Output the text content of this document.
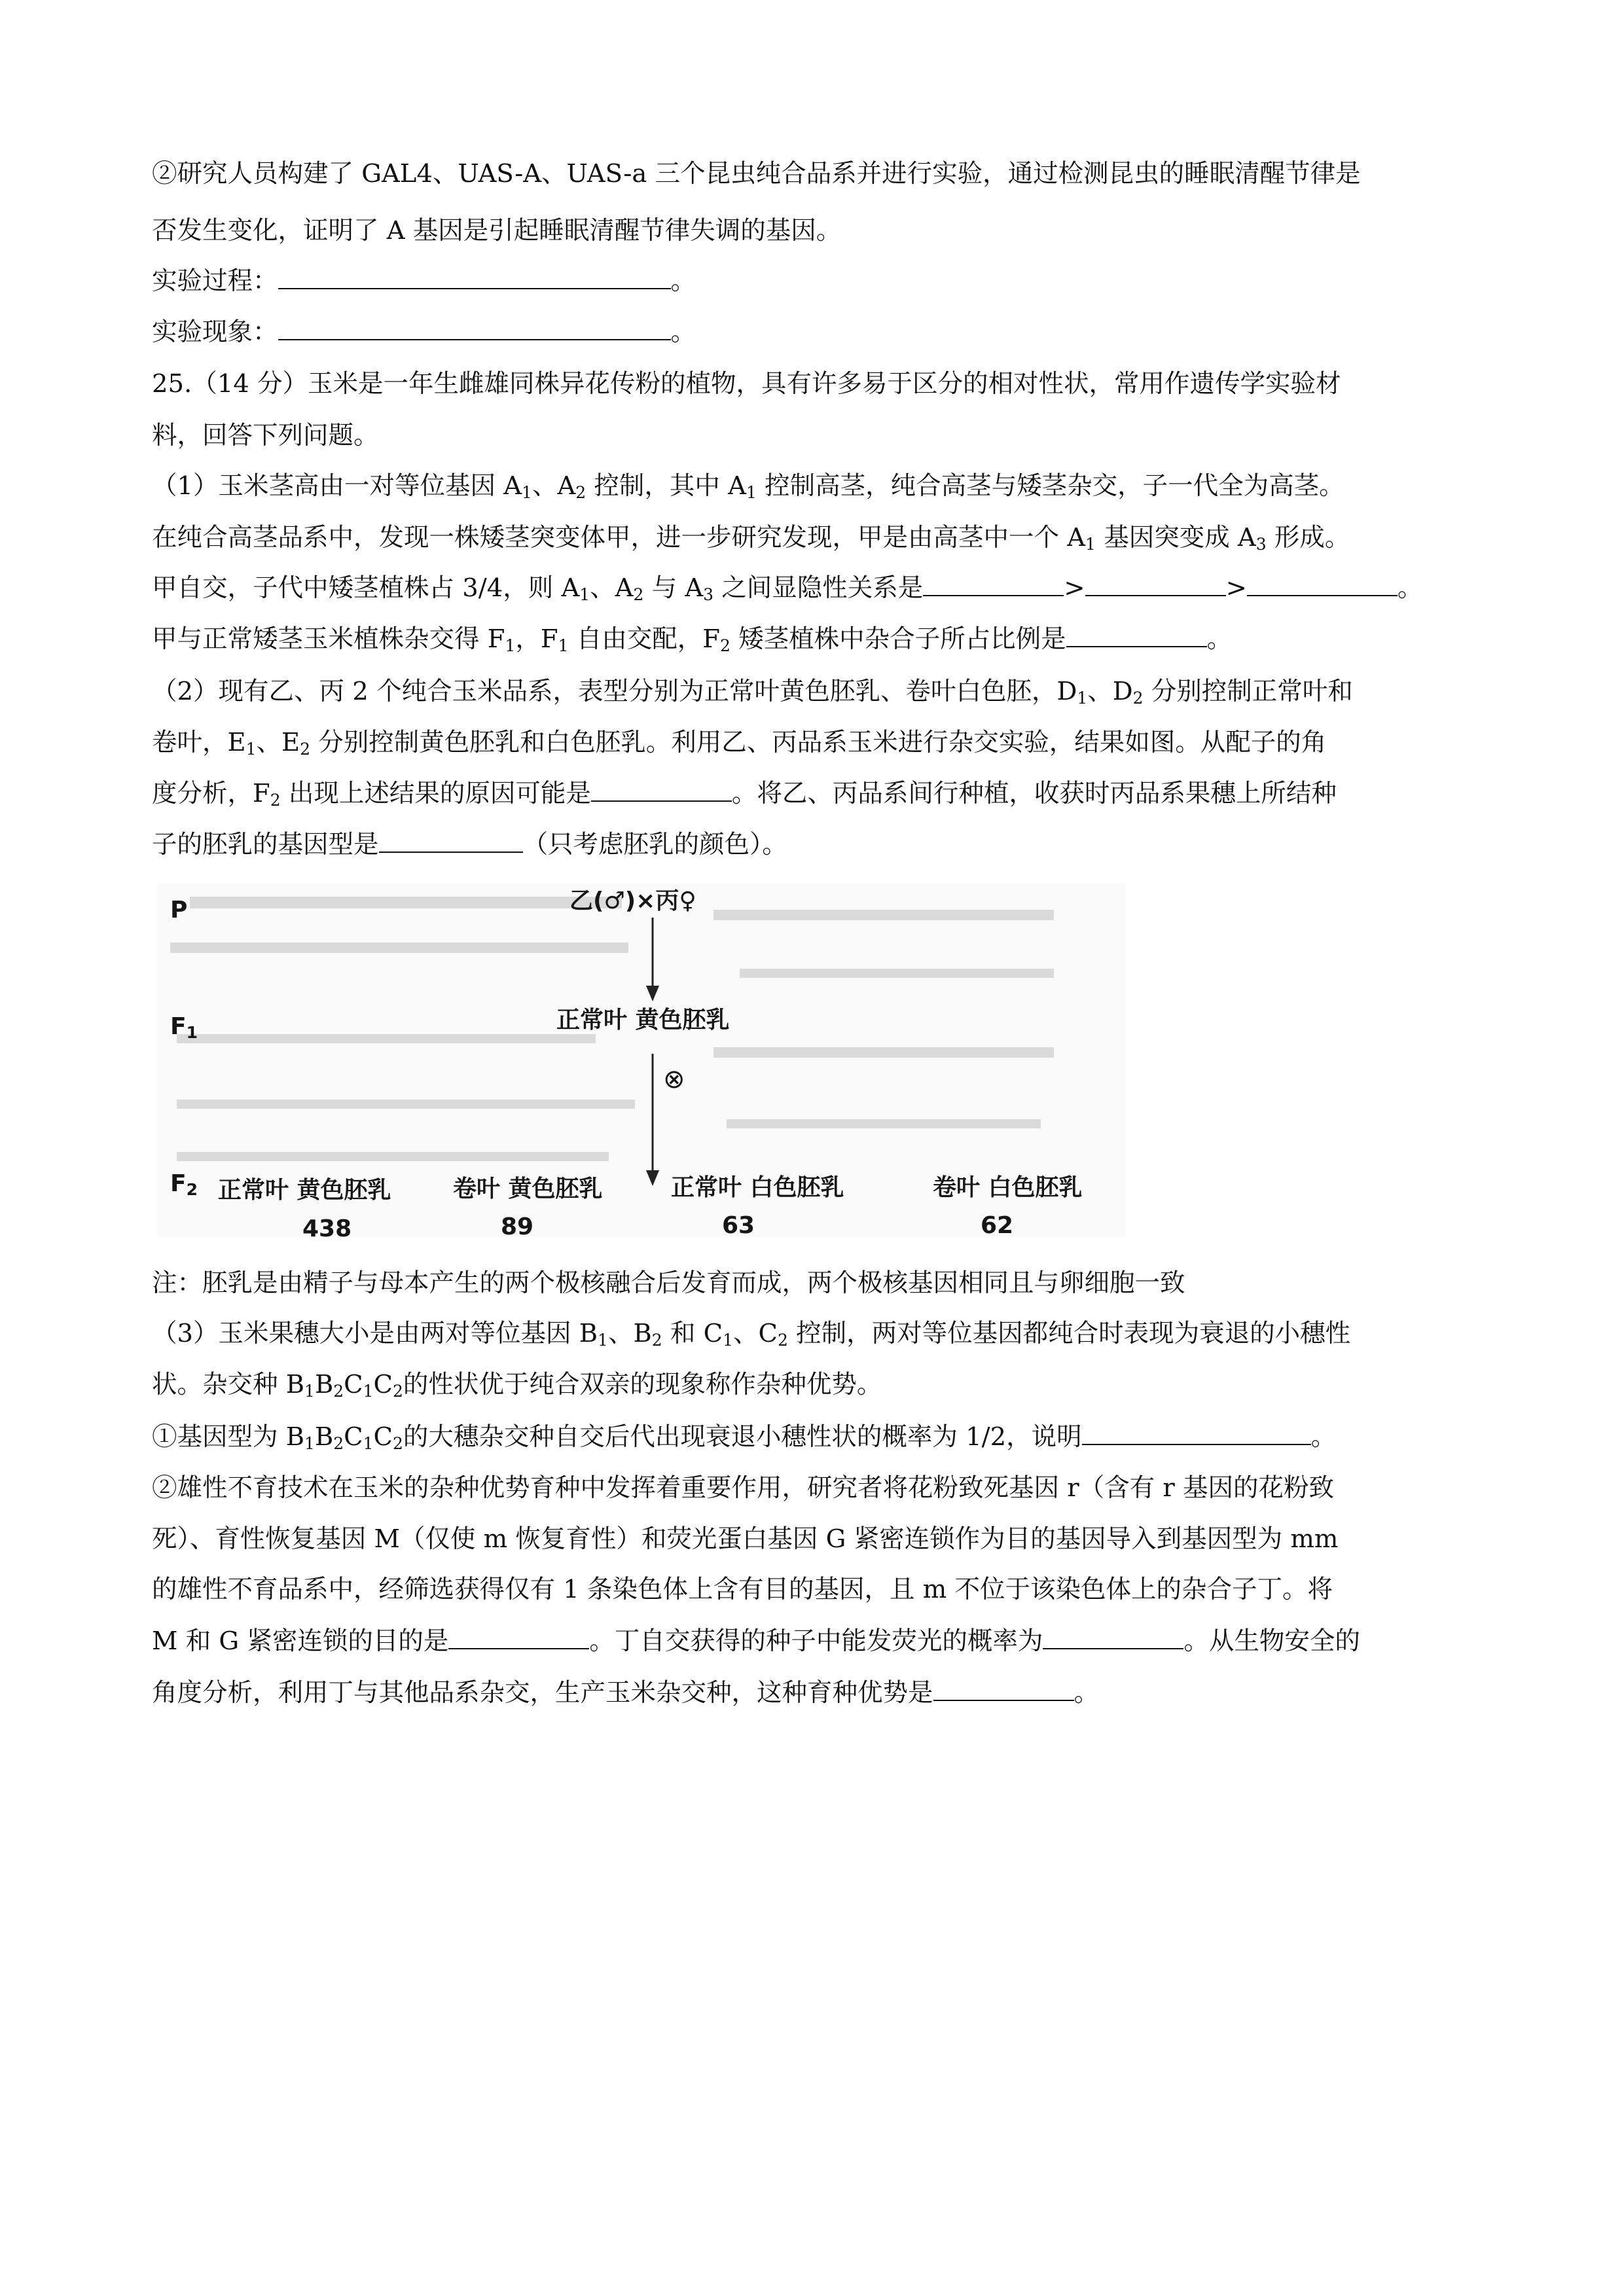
②研究人员构建了 GAL4、UAS-A、UAS-a 三个昆虫纯合品系并进行实验，通过检测昆虫的睡眠清醒节律是
否发生变化，证明了 A 基因是引起睡眠清醒节律失调的基因。
实验过程：	。
实验现象：	。
25.（14 分）玉米是一年生雌雄同株异花传粉的植物，具有许多易于区分的相对性状，常用作遗传学实验材
料，回答下列问题。
（1）玉米茎高由一对等位基因 $A_1$、$A_2$ 控制，其中 $A_1$ 控制高茎，纯合高茎与矮茎杂交，子一代全为高茎。
在纯合高茎品系中，发现一株矮茎突变体甲，进一步研究发现，甲是由高茎中一个 $A_1$ 基因突变成 $A_3$ 形成。
甲自交，子代中矮茎植株占 3/4，则 $A_1$、$A_2$ 与 $A_3$ 之间显隐性关系是	>	>	。
甲与正常矮茎玉米植株杂交得 $F_1$，$F_1$ 自由交配，$F_2$ 矮茎植株中杂合子所占比例是	。
（2）现有乙、丙 2 个纯合玉米品系，表型分别为正常叶黄色胚乳、卷叶白色胚，$D_1$、$D_2$ 分别控制正常叶和
卷叶，$E_1$、$E_2$ 分别控制黄色胚乳和白色胚乳。利用乙、丙品系玉米进行杂交实验，结果如图。从配子的角
度分析，$F_2$ 出现上述结果的原因可能是	。将乙、丙品系间行种植，收获时丙品系果穗上所结种
子的胚乳的基因型是	（只考虑胚乳的颜色）。
P
$F_1$
$F_2$
乙(♂)×丙♀
正常叶 黄色胚乳
⊗
正常叶 黄色胚乳
438
卷叶 黄色胚乳
89
正常叶 白色胚乳
63
卷叶 白色胚乳
62
注：胚乳是由精子与母本产生的两个极核融合后发育而成，两个极核基因相同且与卵细胞一致
（3）玉米果穗大小是由两对等位基因 $B_1$、$B_2$ 和 $C_1$、$C_2$ 控制，两对等位基因都纯合时表现为衰退的小穗性
状。杂交种 $B_1B_2C_1C_2$的性状优于纯合双亲的现象称作杂种优势。
①基因型为 $B_1B_2C_1C_2$的大穗杂交种自交后代出现衰退小穗性状的概率为 1/2，说明	。
②雄性不育技术在玉米的杂种优势育种中发挥着重要作用，研究者将花粉致死基因 r（含有 r 基因的花粉致
死）、育性恢复基因 M（仅使 m 恢复育性）和荧光蛋白基因 G 紧密连锁作为目的基因导入到基因型为 mm
的雄性不育品系中，经筛选获得仅有 1 条染色体上含有目的基因，且 m 不位于该染色体上的杂合子丁。将
M 和 G 紧密连锁的目的是	。丁自交获得的种子中能发荧光的概率为	。从生物安全的
角度分析，利用丁与其他品系杂交，生产玉米杂交种，这种育种优势是	。
